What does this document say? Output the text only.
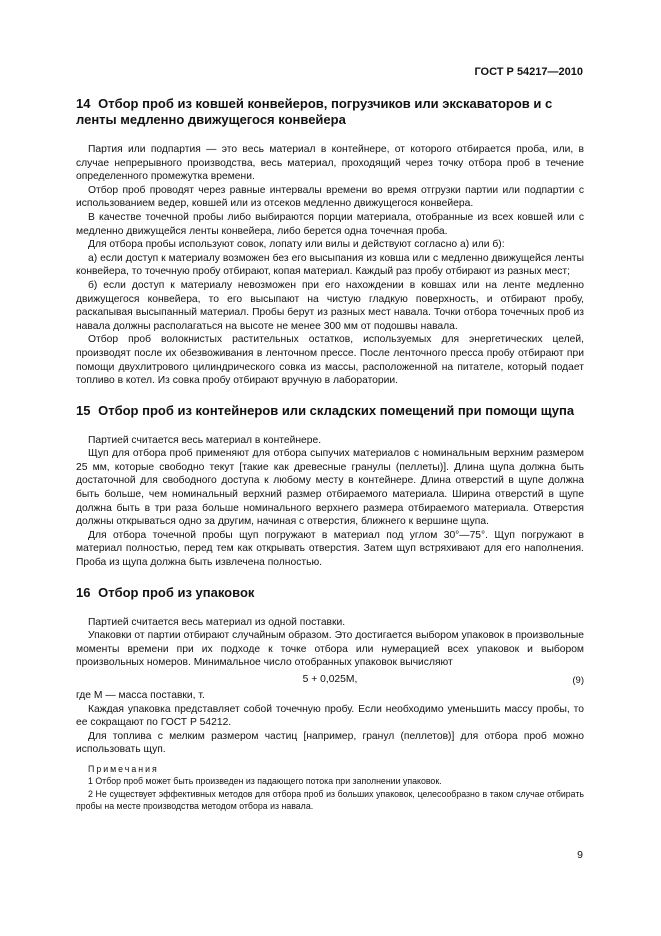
ГОСТ Р 54217—2010
14 Отбор проб из ковшей конвейеров, погрузчиков или экскаваторов и с ленты медленно движущегося конвейера

Партия или подпартия — это весь материал в контейнере, от которого отбирается проба, или, в случае непрерывного производства, весь материал, проходящий через точку отбора проб в течение определенного промежутка времени.

Отбор проб проводят через равные интервалы времени во время отгрузки партии или подпартии с использованием ведер, ковшей или из отсеков медленно движущегося конвейера.

В качестве точечной пробы либо выбираются порции материала, отобранные из всех ковшей или с медленно движущейся ленты конвейера, либо берется одна точечная проба.

Для отбора пробы используют совок, лопату или вилы и действуют согласно а) или б):

а) если доступ к материалу возможен без его высыпания из ковша или с медленно движущейся ленты конвейера, то точечную пробу отбирают, копая материал. Каждый раз пробу отбирают из разных мест;

б) если доступ к материалу невозможен при его нахождении в ковшах или на ленте медленно движущегося конвейера, то его высыпают на чистую гладкую поверхность, и отбирают пробу, раскапывая высыпанный материал. Пробы берут из разных мест навала. Точки отбора точечных проб из навала должны располагаться на высоте не менее 300 мм от подошвы навала.

Отбор проб волокнистых растительных остатков, используемых для энергетических целей, производят после их обезвоживания в ленточном прессе. После ленточного пресса пробу отбирают при помощи двухлитрового цилиндрического совка из массы, расположенной на питателе, который подает топливо в котел. Из совка пробу отбирают вручную в лаборатории.

15 Отбор проб из контейнеров или складских помещений при помощи щупа

Партией считается весь материал в контейнере.

Щуп для отбора проб применяют для отбора сыпучих материалов с номинальным верхним размером 25 мм, которые свободно текут [такие как древесные гранулы (пеллеты)]. Длина щупа должна быть достаточной для свободного доступа к любому месту в контейнере. Длина отверстий в щупе должна быть больше, чем номинальный верхний размер отбираемого материала. Ширина отверстий в щупе должна быть в три раза больше номинального верхнего размера отбираемого материала. Отверстия должны открываться одно за другим, начиная с отверстия, ближнего к вершине щупа.

Для отбора точечной пробы щуп погружают в материал под углом 30°—75°. Щуп погружают в материал полностью, перед тем как открывать отверстия. Затем щуп встряхивают для его наполнения. Проба из щупа должна быть извлечена полностью.

16 Отбор проб из упаковок

Партией считается весь материал из одной поставки.

Упаковки от партии отбирают случайным образом. Это достигается выбором упаковок в произвольные моменты времени при их подходе к точке отбора или нумерацией всех упаковок и выбором произвольных номеров. Минимальное число отобранных упаковок вычисляют

5 + 0,025М,	(9)

где М — масса поставки, т.

Каждая упаковка представляет собой точечную пробу. Если необходимо уменьшить массу пробы, то ее сокращают по ГОСТ Р 54212.

Для топлива с мелким размером частиц [например, гранул (пеллетов)] для отбора проб можно использовать щуп.

Примечания

1 Отбор проб может быть произведен из падающего потока при заполнении упаковок.

2 Не существует эффективных методов для отбора проб из больших упаковок, целесообразно в таком случае отбирать пробы на месте производства методом отбора из навала.

9
